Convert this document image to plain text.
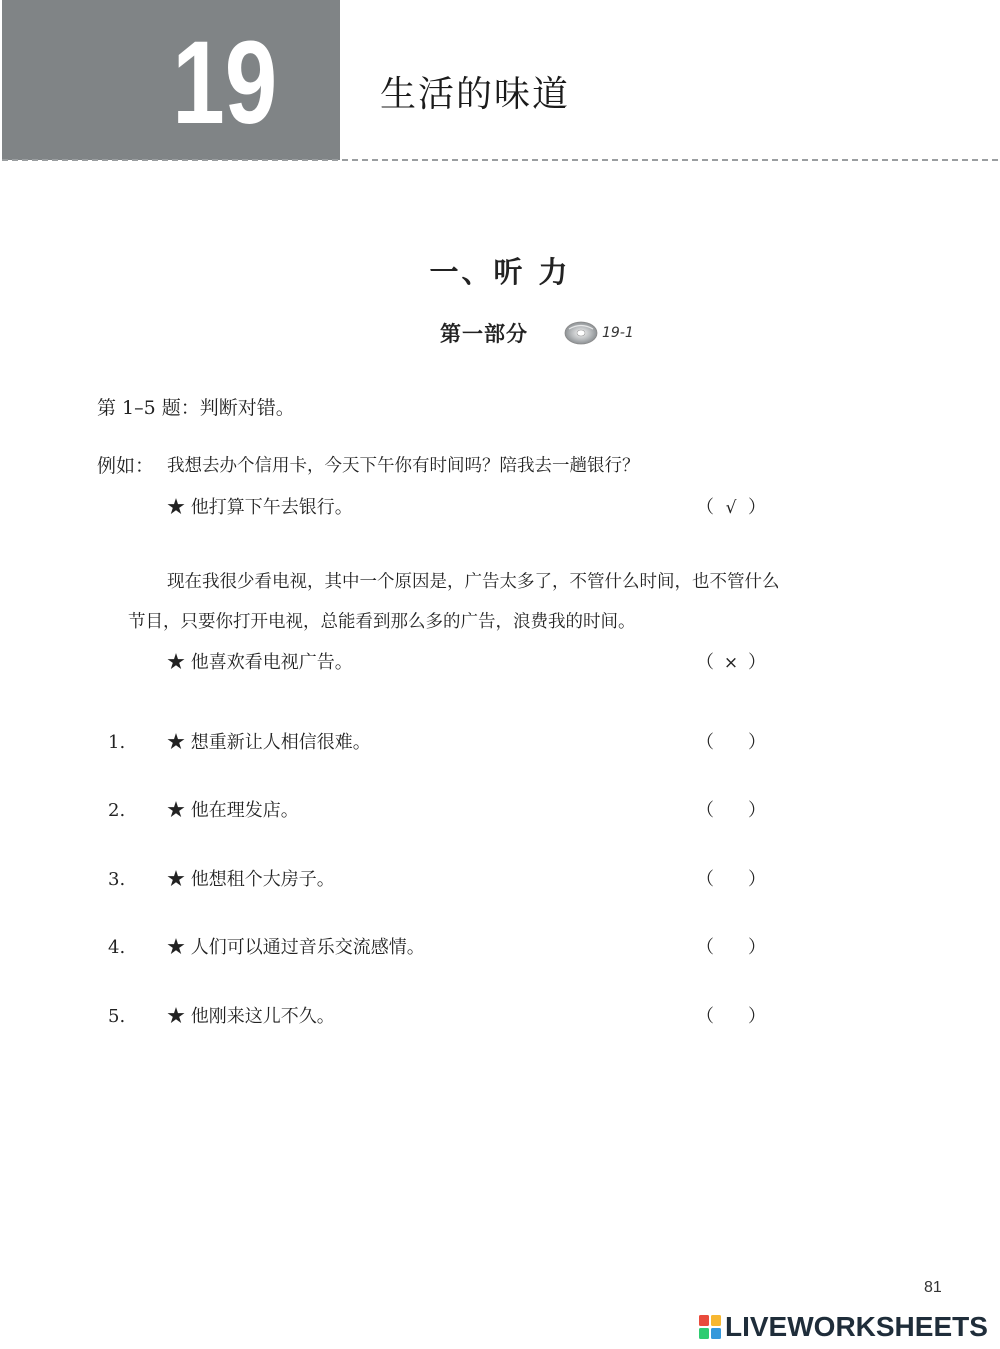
19	生活的味道
一、听 力
第一部分	19-1
第 1–5 题：判断对错。
例如： 我想去办个信用卡，今天下午你有时间吗？陪我去一趟银行？
★ 他打算下午去银行。	（ √ ）
现在我很少看电视，其中一个原因是，广告太多了，不管什么时间，也不管什么
节目，只要你打开电视，总能看到那么多的广告，浪费我的时间。
★ 他喜欢看电视广告。	（ × ）
1. ★ 想重新让人相信很难。	（ ）
2. ★ 他在理发店。	（ ）
3. ★ 他想租个大房子。	（ ）
4. ★ 人们可以通过音乐交流感情。	（ ）
5. ★ 他刚来这儿不久。	（ ）
81
LIVEWORKSHEETS
